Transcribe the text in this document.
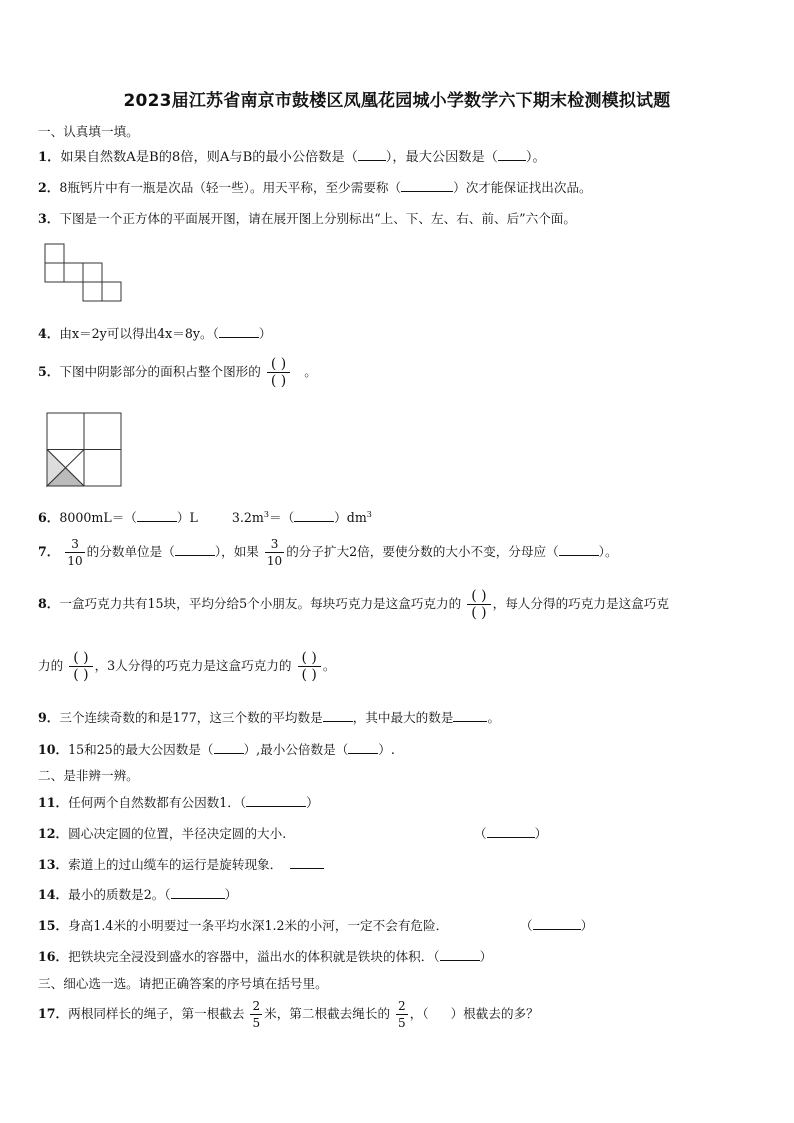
2023届江苏省南京市鼓楼区凤凰花园城小学数学六下期末检测模拟试题
一、认真填一填。
1．如果自然数A是B的8倍，则A与B的最小公倍数是（ ），最大公因数是（ ）。
2．8瓶钙片中有一瓶是次品（轻一些）。用天平称，至少需要称（	）次才能保证找出次品。
3．下图是一个正方体的平面展开图，请在展开图上分别标出“上、下、左、右、前、后”六个面。
4．由x＝2y可以得出4x＝8y。（	）
5．下图中阴影部分的面积占整个图形的 $\frac{( )}{( )}$ 。
6．8000mL＝（	）L	$3.2m^3=$（	）$dm^3$
7． $\frac{3}{10}$ 的分数单位是（	），如果 $\frac{3}{10}$ 的分子扩大2倍，要使分数的大小不变，分母应（	）。
8．一盒巧克力共有15块，平均分给5个小朋友。每块巧克力是这盒巧克力的 $\frac{( )}{( )}$ ，每人分得的巧克力是这盒巧克
力的 $\frac{( )}{( )}$ ，3人分得的巧克力是这盒巧克力的 $\frac{( )}{( )}$ 。
9．三个连续奇数的和是177，这三个数的平均数是 ，其中最大的数是	。
10．15和25的最大公因数是（ ）,最小公倍数是（ ）.
二、是非辨一辨。
11．任何两个自然数都有公因数1．（	）
12．圆心决定圆的位置，半径决定圆的大小.	（	）
13．索道上的过山缆车的运行是旋转现象．
14．最小的质数是2。（	）
15．身高1.4米的小明要过一条平均水深1.2米的小河，一定不会有危险．	（	）
16．把铁块完全浸没到盛水的容器中，溢出水的体积就是铁块的体积．（	）
三、细心选一选。请把正确答案的序号填在括号里。
17．两根同样长的绳子，第一根截去 $\frac{2}{5}$ 米，第二根截去绳长的 $\frac{2}{5}$ ，（ ）根截去的多？
